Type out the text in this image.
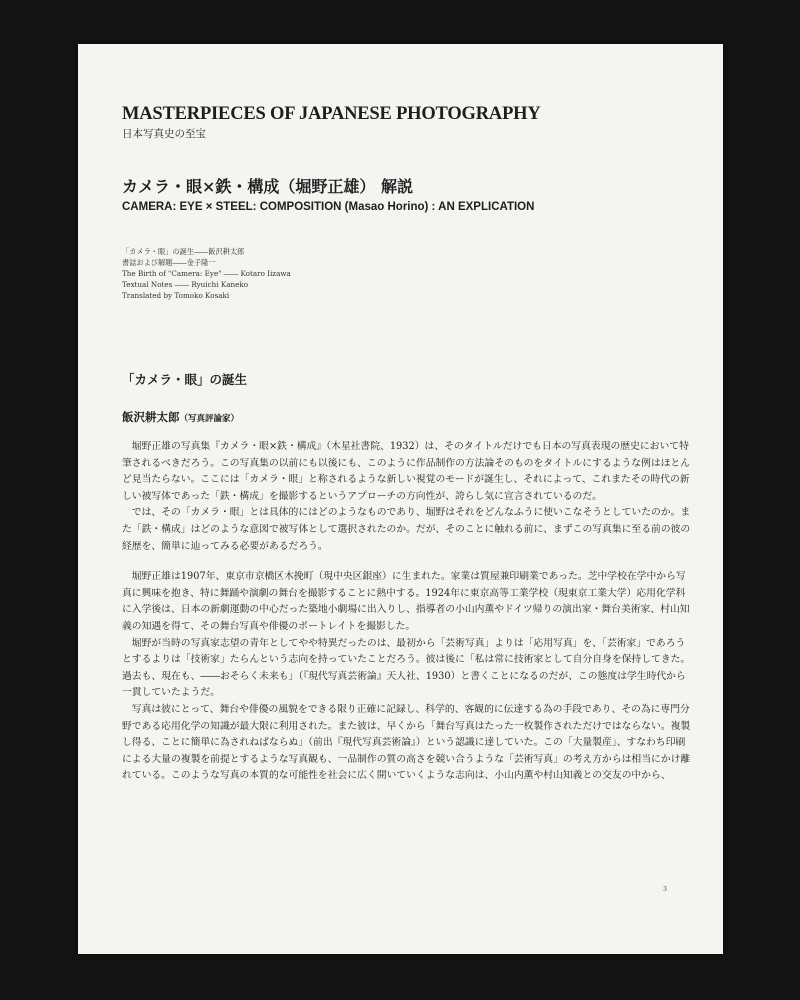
MASTERPIECES OF JAPANESE PHOTOGRAPHY
日本写真史の至宝
カメラ・眼×鉄・構成（堀野正雄） 解説
CAMERA: EYE × STEEL: COMPOSITION (Masao Horino) : AN EXPLICATION
「カメラ・眼」の誕生――飯沢耕太郎
書誌および解題――金子隆一
The Birth of "Camera: Eye" ―― Kotaro Iizawa
Textual Notes ―― Ryuichi Kaneko
Translated by Tomoko Kosaki
「カメラ・眼」の誕生
飯沢耕太郎（写真評論家）

堀野正雄の写真集『カメラ・眼×鉄・構成』（木星社書院、1932）は、そのタイトルだけでも日本の写真表現の歴史において特筆されるべきだろう。この写真集の以前にも以後にも、このように作品制作の方法論そのものをタイトルにするような例はほとんど見当たらない。ここには「カメラ・眼」と称されるような新しい視覚のモードが誕生し、それによって、これまたその時代の新しい被写体であった「鉄・構成」を撮影するというアプローチの方向性が、誇らし気に宣言されているのだ。

では、その「カメラ・眼」とは具体的にはどのようなものであり、堀野はそれをどんなふうに使いこなそうとしていたのか。また「鉄・構成」はどのような意図で被写体として選択されたのか。だが、そのことに触れる前に、まずこの写真集に至る前の彼の経歴を、簡単に辿ってみる必要があるだろう。

堀野正雄は1907年、東京市京橋区木挽町（現中央区銀座）に生まれた。家業は質屋兼印刷業であった。芝中学校在学中から写真に興味を抱き、特に舞踊や演劇の舞台を撮影することに熱中する。1924年に東京高等工業学校（現東京工業大学）応用化学科に入学後は、日本の新劇運動の中心だった築地小劇場に出入りし、指導者の小山内薫やドイツ帰りの演出家・舞台美術家、村山知義の知遇を得て、その舞台写真や俳優のポートレイトを撮影した。

堀野が当時の写真家志望の青年としてやや特異だったのは、最初から「芸術写真」よりは「応用写真」を、「芸術家」であろうとするよりは「技術家」たらんという志向を持っていたことだろう。彼は後に「私は常に技術家として自分自身を保持してきた。過去も、現在も、――おそらく未来も」（『現代写真芸術論』天人社、1930）と書くことになるのだが、この態度は学生時代から一貫していたようだ。

写真は彼にとって、舞台や俳優の風貌をできる限り正確に記録し、科学的、客観的に伝達する為の手段であり、その為に専門分野である応用化学の知識が最大限に利用された。また彼は、早くから「舞台写真はたった一枚製作されただけではならない。複製し得る、ことに簡単に為されねばならぬ」（前出『現代写真芸術論』）という認識に達していた。この「大量製産」、すなわち印刷による大量の複製を前提とするような写真観も、一品制作の質の高さを競い合うような「芸術写真」の考え方からは相当にかけ離れている。このような写真の本質的な可能性を社会に広く開いていくような志向は、小山内薫や村山知義との交友の中から、

3
